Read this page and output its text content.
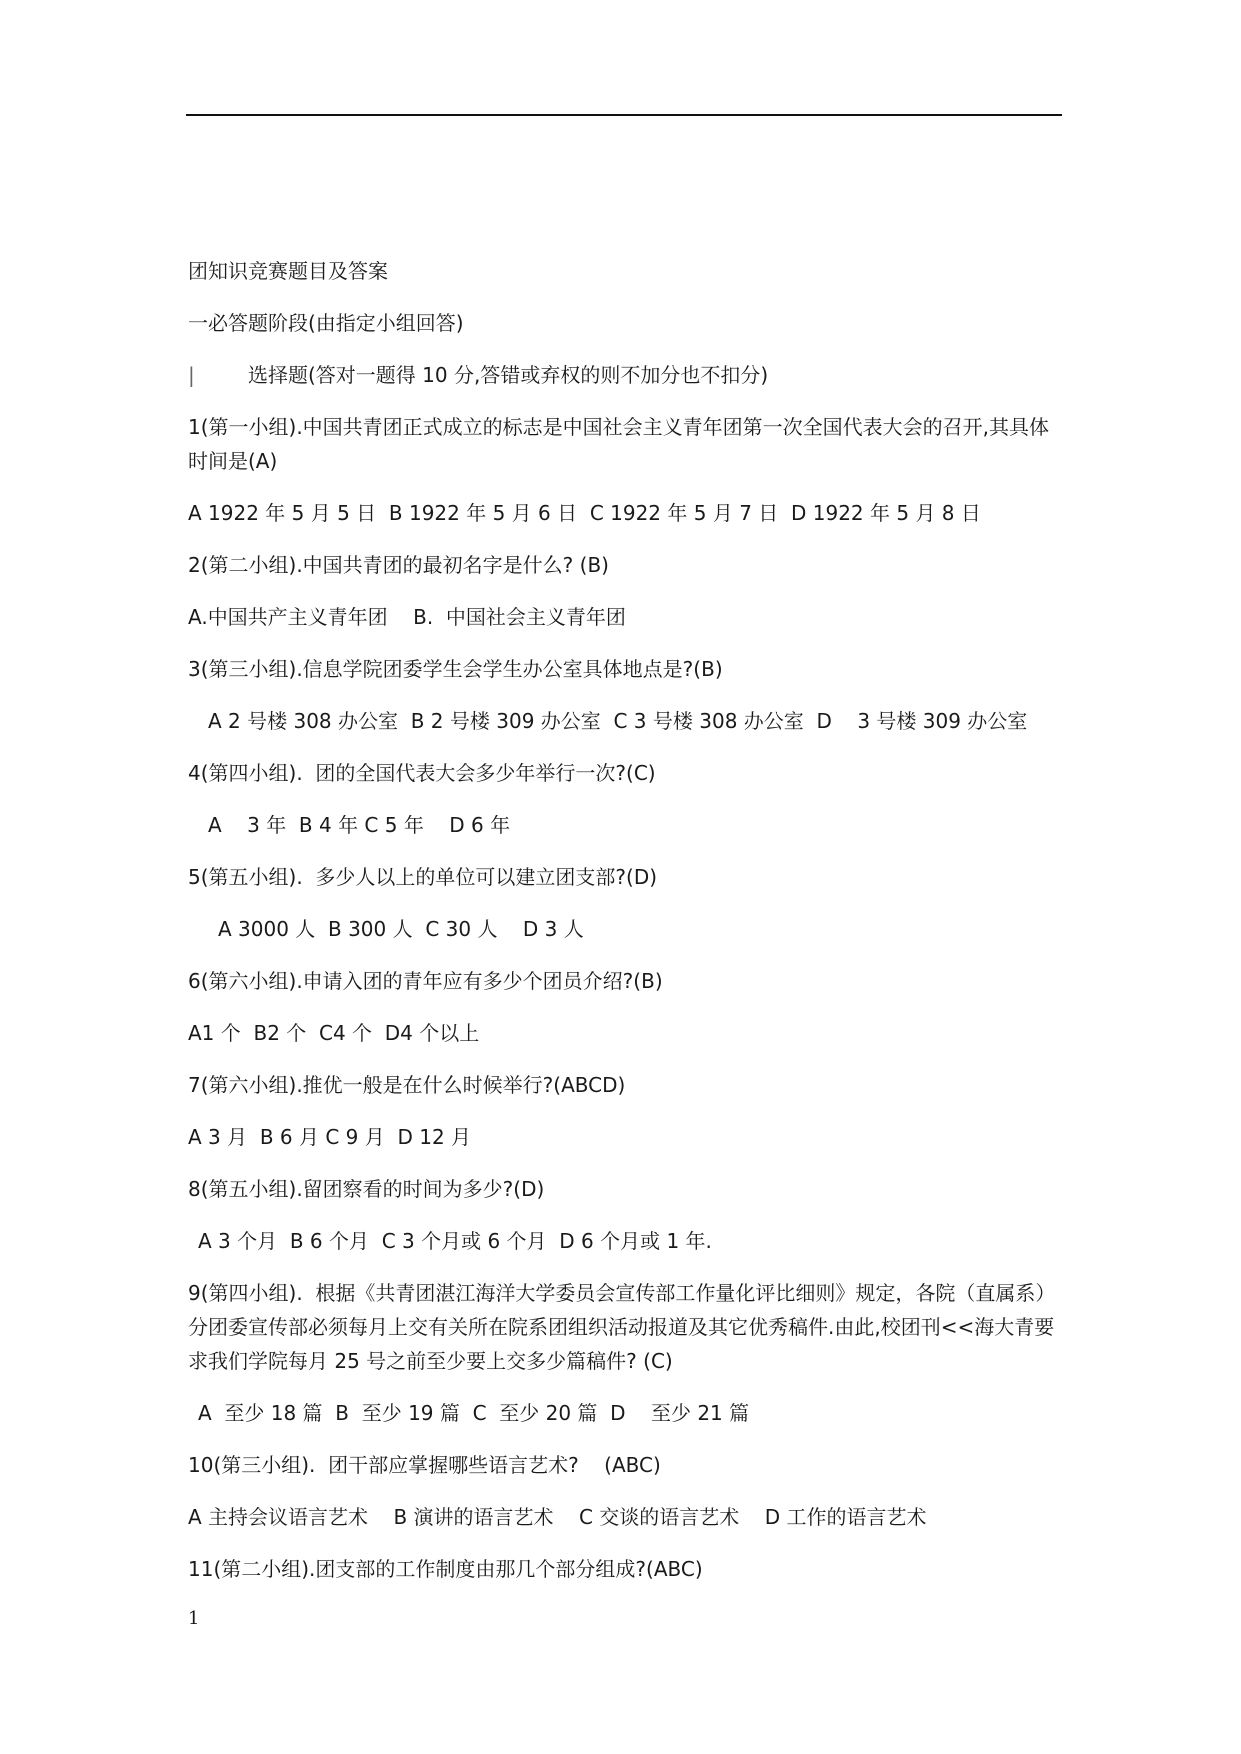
团知识竞赛题目及答案

一必答题阶段(由指定小组回答)

|	选择题(答对一题得 10 分,答错或弃权的则不加分也不扣分)

1(第一小组).中国共青团正式成立的标志是中国社会主义青年团第一次全国代表大会的召开,其具体时间是(A)

A 1922 年 5 月 5 日  B 1922 年 5 月 6 日  C 1922 年 5 月 7 日  D 1922 年 5 月 8 日

2(第二小组).中国共青团的最初名字是什么? (B)

A.中国共产主义青年团    B.  中国社会主义青年团

3(第三小组).信息学院团委学生会学生办公室具体地点是?(B)

A 2 号楼 308 办公室  B 2 号楼 309 办公室  C 3 号楼 308 办公室  D    3 号楼 309 办公室

4(第四小组).  团的全国代表大会多少年举行一次?(C)

A    3 年  B 4 年 C 5 年    D 6 年

5(第五小组).  多少人以上的单位可以建立团支部?(D)

A 3000 人  B 300 人  C 30 人    D 3 人

6(第六小组).申请入团的青年应有多少个团员介绍?(B)

A1 个  B2 个  C4 个  D4 个以上

7(第六小组).推优一般是在什么时候举行?(ABCD)

A 3 月  B 6 月 C 9 月  D 12 月

8(第五小组).留团察看的时间为多少?(D)

A 3 个月  B 6 个月  C 3 个月或 6 个月  D 6 个月或 1 年.

9(第四小组).  根据《共青团湛江海洋大学委员会宣传部工作量化评比细则》规定，各院（直属系）分团委宣传部必须每月上交有关所在院系团组织活动报道及其它优秀稿件.由此,校团刊<<海大青要求我们学院每月 25 号之前至少要上交多少篇稿件? (C)

A  至少 18 篇  B  至少 19 篇  C  至少 20 篇  D    至少 21 篇

10(第三小组).  团干部应掌握哪些语言艺术?    (ABC)

A 主持会议语言艺术    B 演讲的语言艺术    C 交谈的语言艺术    D 工作的语言艺术

11(第二小组).团支部的工作制度由那几个部分组成?(ABC)

1
